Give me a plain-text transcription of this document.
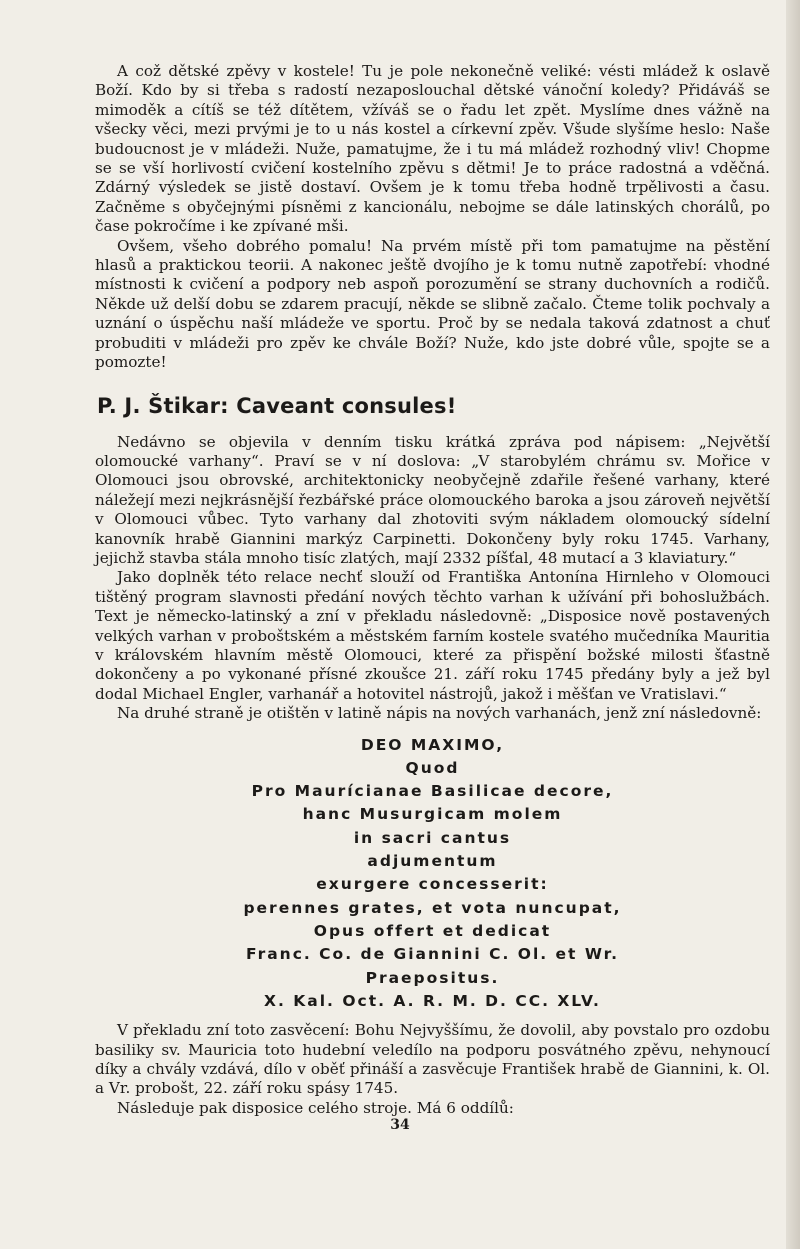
A což dětské zpěvy v kostele! Tu je pole nekonečně veliké: vésti mládež k oslavě Boží. Kdo by si třeba s radostí nezaposlouchal dětské vánoční koledy? Přidáváš se mimoděk a cítíš se též dítětem, vžíváš se o řadu let zpět. Myslíme dnes vážně na všecky věci, mezi prvými je to u nás kostel a církevní zpěv. Všude slyšíme heslo: Naše budoucnost je v mládeži. Nuže, pamatujme, že i tu má mládež rozhodný vliv! Chopme se se vší horlivostí cvičení kostelního zpěvu s dětmi! Je to práce radostná a vděčná. Zdárný výsledek se jistě dostaví. Ovšem je k tomu třeba hodně trpělivosti a času. Začněme s obyčejnými písněmi z kancionálu, nebojme se dále latinských chorálů, po čase pokročíme i ke zpívané mši.

Ovšem, všeho dobrého pomalu! Na prvém místě při tom pamatujme na pěstění hlasů a praktickou teorii. A nakonec ještě dvojího je k tomu nutně zapotřebí: vhodné místnosti k cvičení a podpory neb aspoň porozumění se strany duchovních a rodičů. Někde už delší dobu se zdarem pracují, někde se slibně začalo. Čteme tolik pochvaly a uznání o úspěchu naší mládeže ve sportu. Proč by se nedala taková zdatnost a chuť probuditi v mládeži pro zpěv ke chvále Boží? Nuže, kdo jste dobré vůle, spojte se a pomozte!

P. J. Štikar: Caveant consules!

Nedávno se objevila v denním tisku krátká zpráva pod nápisem: „Největší olomoucké varhany“. Praví se v ní doslova: „V starobylém chrámu sv. Mořice v Olomouci jsou obrovské, architektonicky neobyčejně zdařile řešené varhany, které náležejí mezi nejkrásnější řezbářské práce olomouckého baroka a jsou zároveň největší v Olomouci vůbec. Tyto varhany dal zhotoviti svým nákladem olomoucký sídelní kanovník hrabě Giannini markýz Carpinetti. Dokončeny byly roku 1745. Varhany, jejichž stavba stála mnoho tisíc zlatých, mají 2332 píšťal, 48 mutací a 3 klaviatury.“

Jako doplněk této relace nechť slouží od Františka Antonína Hirnleho v Olomouci tištěný program slavnosti předání nových těchto varhan k užívání při bohoslužbách. Text je německo-latinský a zní v překladu následovně: „Disposice nově postavených velkých varhan v proboštském a městském farním kostele svatého mučedníka Mauritia v královském hlavním městě Olomouci, které za přispění božské milosti šťastně dokončeny a po vykonané přísné zkoušce 21. září roku 1745 předány byly a jež byl dodal Michael Engler, varhanář a hotovitel nástrojů, jakož i měšťan ve Vratislavi.“

Na druhé straně je otištěn v latině nápis na nových varhanách, jenž zní následovně:

DEO MAXIMO,
Quod
Pro Maurícianae Basilicae decore,
hanc Musurgicam molem
in sacri cantus
adjumentum
exurgere concesserit:
perennes grates, et vota nuncupat,
Opus offert et dedicat
Franc. Co. de Giannini C. Ol. et Wr.
Praepositus.
X. Kal. Oct. A. R. M. D. CC. XLV.

V překladu zní toto zasvěcení: Bohu Nejvyššímu, že dovolil, aby povstalo pro ozdobu basiliky sv. Mauricia toto hudební veledílo na podporu posvátného zpěvu, nehynoucí díky a chvály vzdává, dílo v oběť přináší a zasvěcuje František hrabě de Giannini, k. Ol. a Vr. probošt, 22. září roku spásy 1745.

Následuje pak disposice celého stroje. Má 6 oddílů:

34
